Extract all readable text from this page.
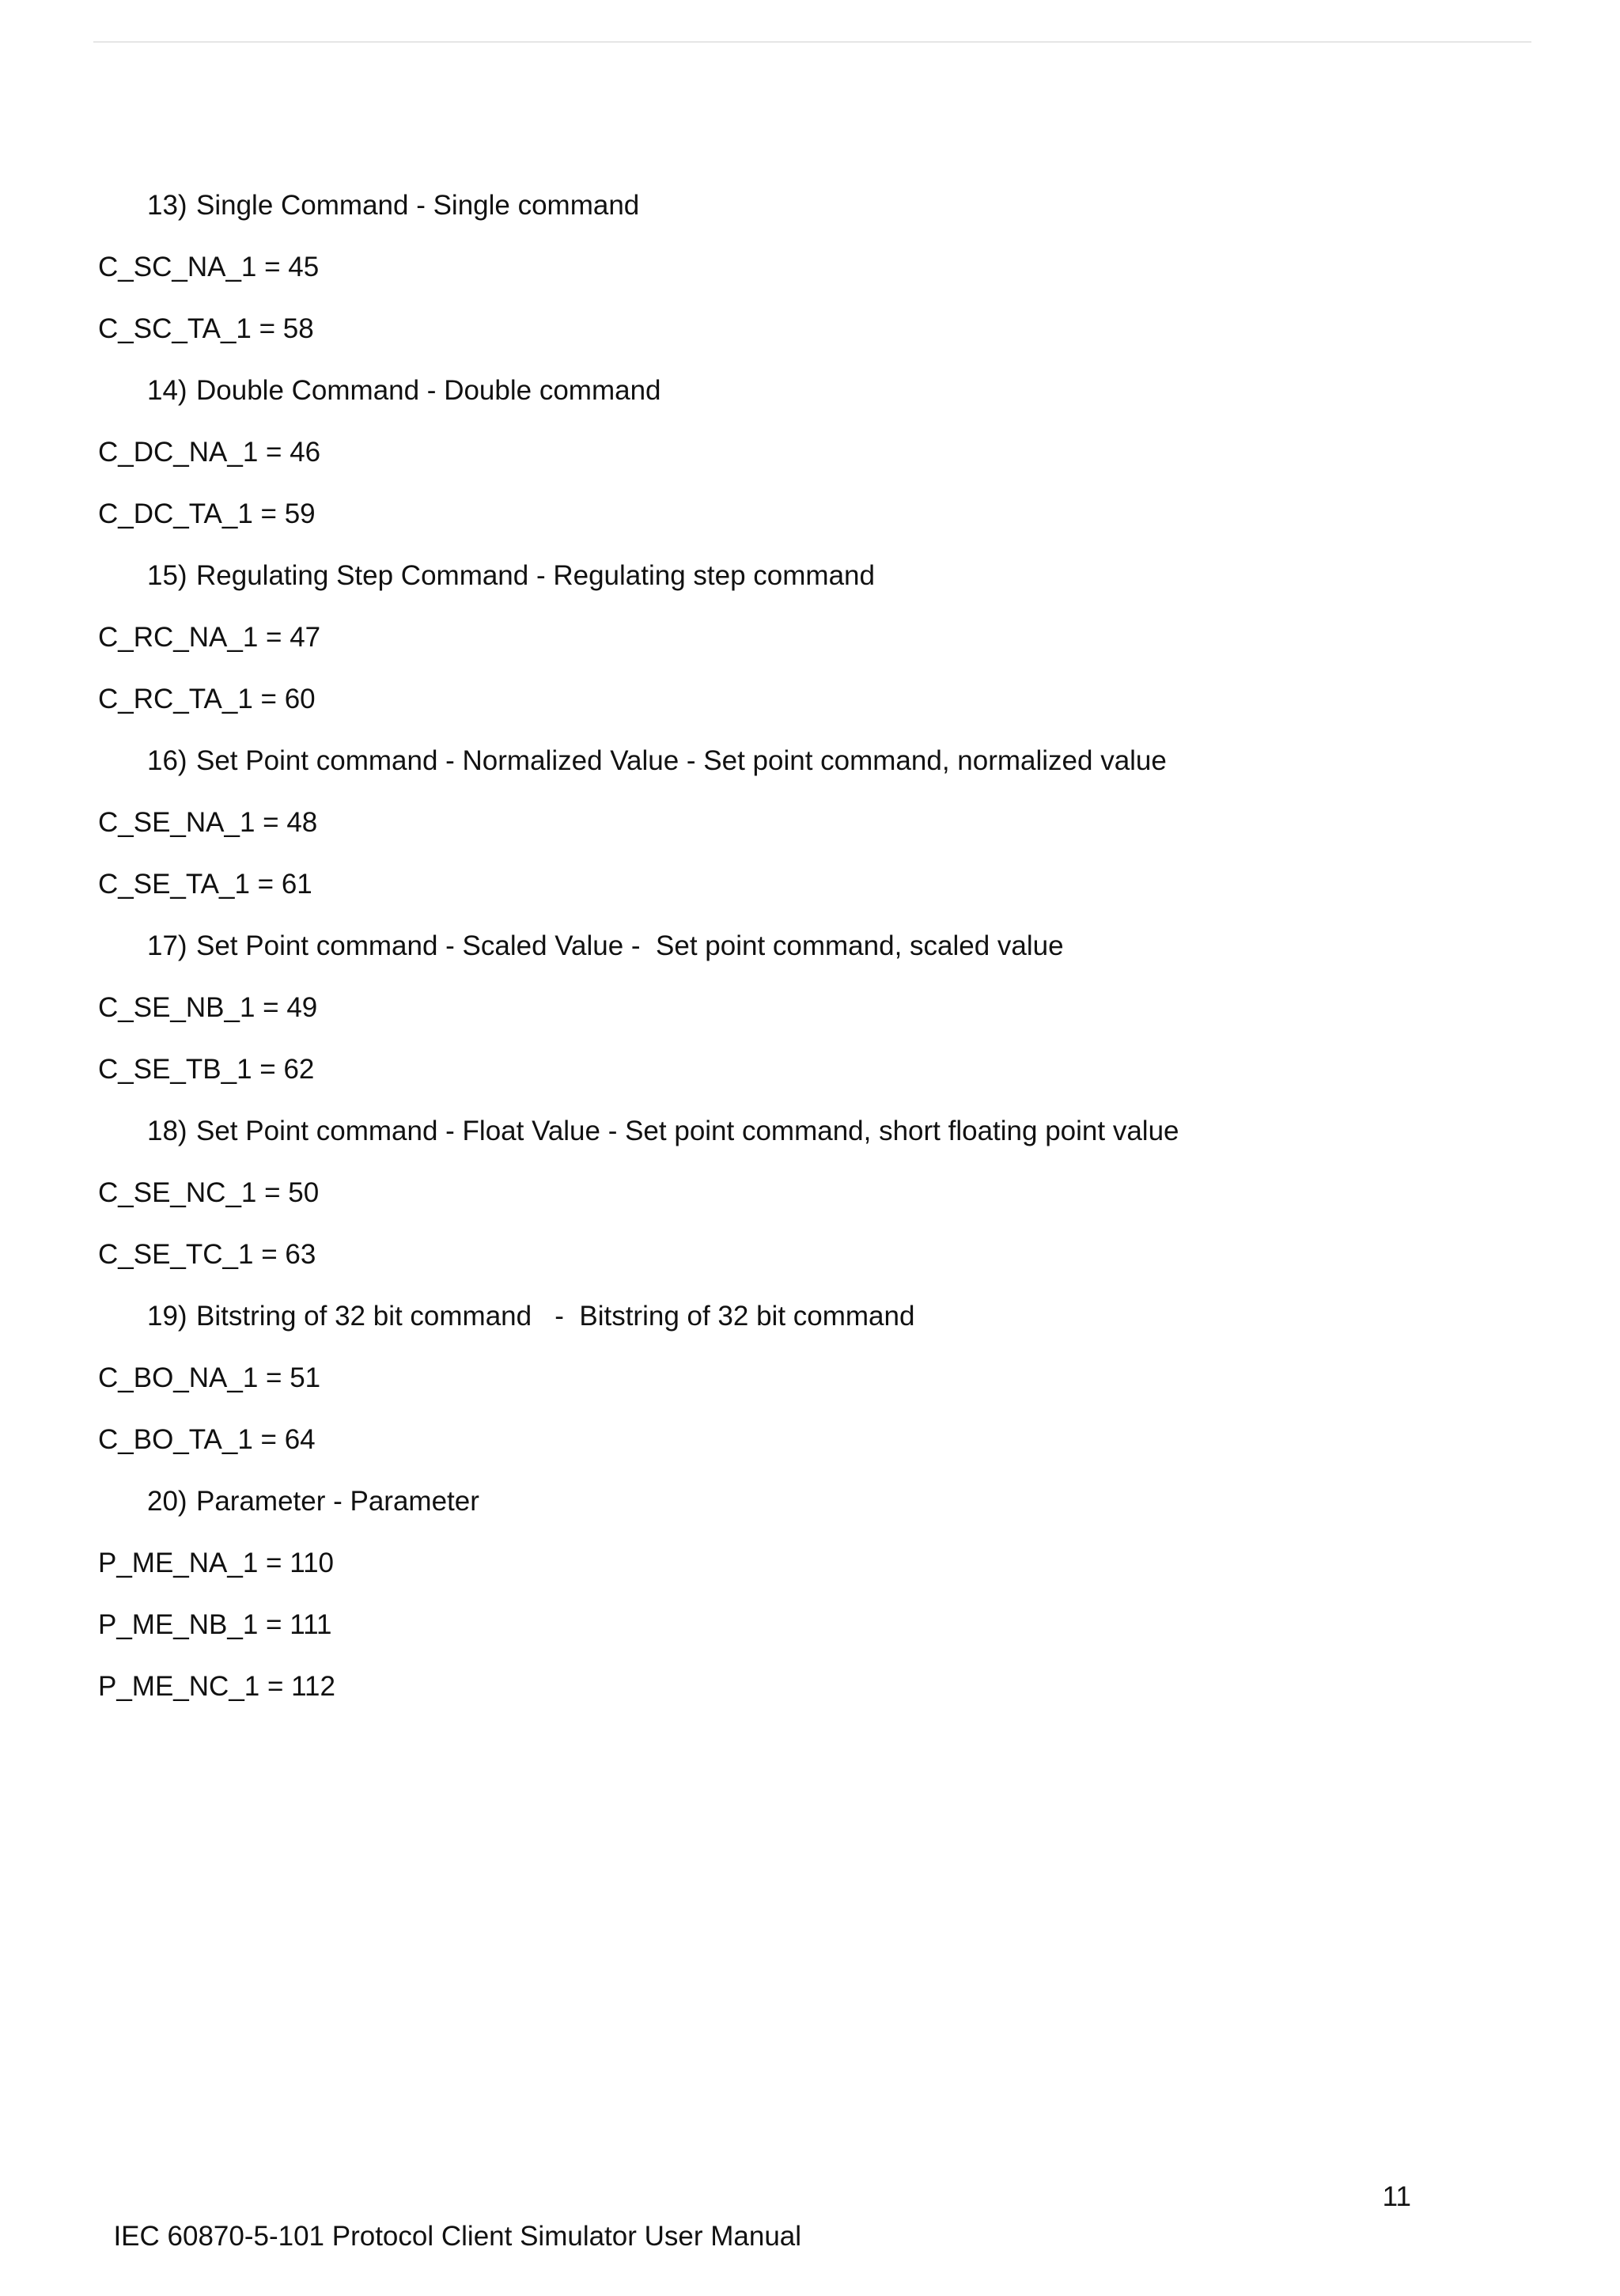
13) Single Command - Single command
C_SC_NA_1 = 45
C_SC_TA_1 = 58
14) Double Command - Double command
C_DC_NA_1 = 46
C_DC_TA_1 = 59
15) Regulating Step Command - Regulating step command
C_RC_NA_1 = 47
C_RC_TA_1 = 60
16) Set Point command - Normalized Value - Set point command, normalized value
C_SE_NA_1 = 48
C_SE_TA_1 = 61
17) Set Point command - Scaled Value -  Set point command, scaled value
C_SE_NB_1 = 49
C_SE_TB_1 = 62
18) Set Point command - Float Value - Set point command, short floating point value
C_SE_NC_1 = 50
C_SE_TC_1 = 63
19) Bitstring of 32 bit command   -  Bitstring of 32 bit command
C_BO_NA_1 = 51
C_BO_TA_1 = 64
20) Parameter - Parameter
P_ME_NA_1 = 110
P_ME_NB_1 = 111
P_ME_NC_1 = 112

IEC 60870-5-101 Protocol Client Simulator User Manual

11
